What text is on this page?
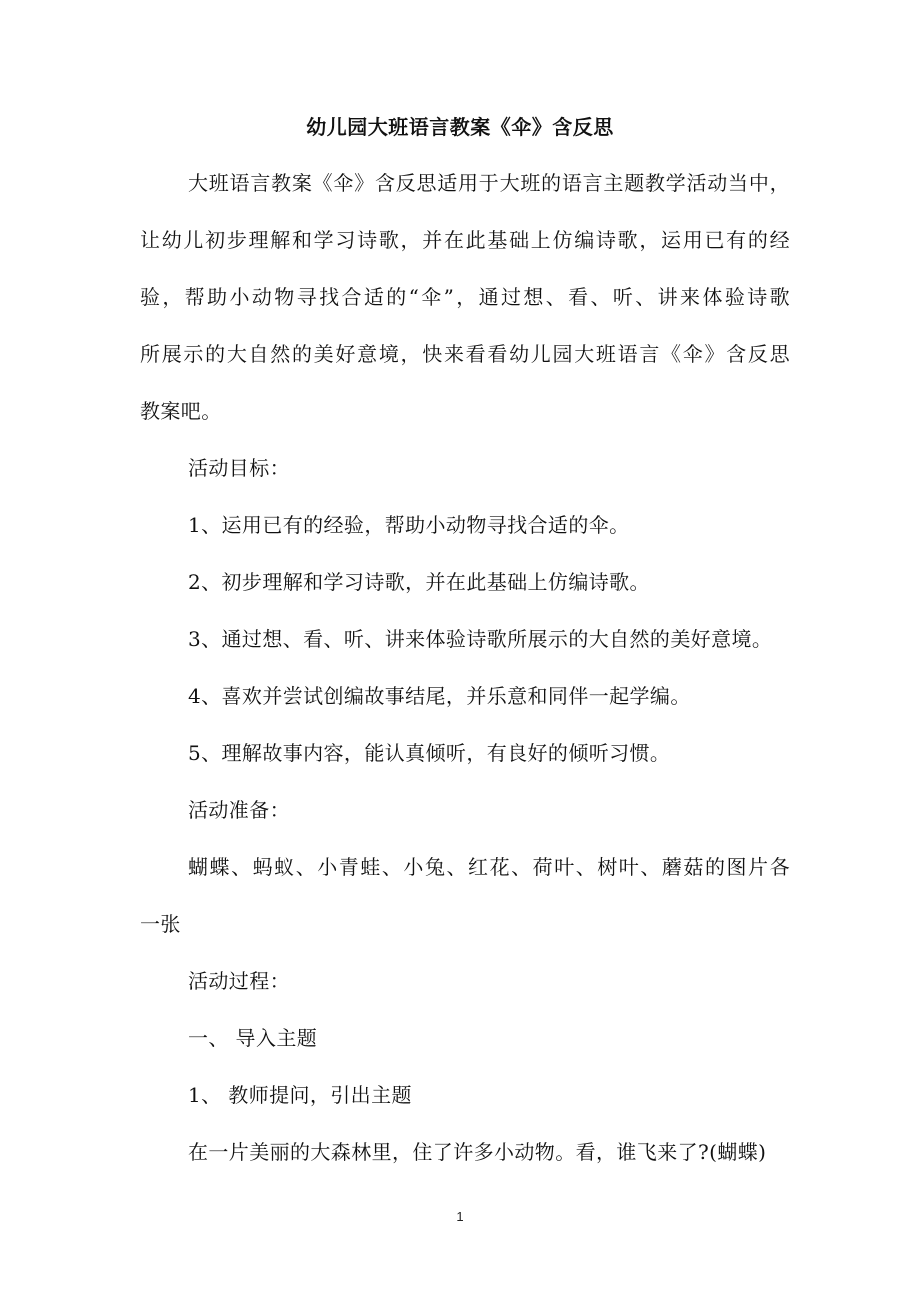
幼儿园大班语言教案《伞》含反思
大班语言教案《伞》含反思适用于大班的语言主题教学活动当中，
让幼儿初步理解和学习诗歌，并在此基础上仿编诗歌，运用已有的经
验，帮助小动物寻找合适的“伞”，通过想、看、听、讲来体验诗歌
所展示的大自然的美好意境，快来看看幼儿园大班语言《伞》含反思
教案吧。
活动目标：
1、运用已有的经验，帮助小动物寻找合适的伞。
2、初步理解和学习诗歌，并在此基础上仿编诗歌。
3、通过想、看、听、讲来体验诗歌所展示的大自然的美好意境。
4、喜欢并尝试创编故事结尾，并乐意和同伴一起学编。
5、理解故事内容，能认真倾听，有良好的倾听习惯。
活动准备：
蝴蝶、蚂蚁、小青蛙、小兔、红花、荷叶、树叶、蘑菇的图片各
一张
活动过程：
一、 导入主题
1、 教师提问，引出主题
在一片美丽的大森林里，住了许多小动物。看，谁飞来了?(蝴蝶)
1
